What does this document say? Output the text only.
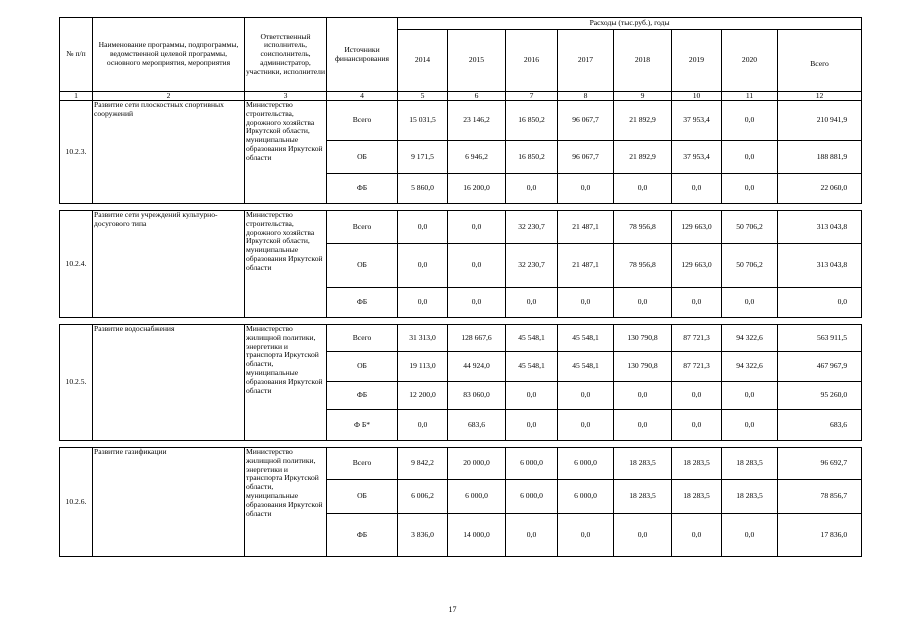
№ п/п	Наименование программы, подпрограммы, ведомственной целевой программы, основного мероприятия, мероприятия	Ответственный исполнитель, соисполнитель, администратор, участники, исполнители	Источники финансирования	Расходы (тыс.руб.), годы							
				2014	2015	2016	2017	2018	2019	2020	Всего
1	2	3	4	5	6	7	8	9	10	11	12
10.2.3.	Развитие сети плоскостных спортивных сооружений	Министерство строительства, дорожного хозяйства Иркутской области, муниципальные образования Иркутской области	Всего	15 031,5	23 146,2	16 850,2	96 067,7	21 892,9	37 953,4	0,0	210 941,9
			ОБ	9 171,5	6 946,2	16 850,2	96 067,7	21 892,9	37 953,4	0,0	188 881,9
			ФБ	5 860,0	16 200,0	0,0	0,0	0,0	0,0	0,0	22 060,0

10.2.4.	Развитие сети учреждений культурно-досугового типа	Министерство строительства, дорожного хозяйства Иркутской области, муниципальные образования Иркутской области	Всего	0,0	0,0	32 230,7	21 487,1	78 956,8	129 663,0	50 706,2	313 043,8
			ОБ	0,0	0,0	32 230,7	21 487,1	78 956,8	129 663,0	50 706,2	313 043,8
			ФБ	0,0	0,0	0,0	0,0	0,0	0,0	0,0	0,0

10.2.5.	Развитие водоснабжения	Министерство жилищной политики, энергетики и транспорта Иркутской области, муниципальные образования Иркутской области	Всего	31 313,0	128 667,6	45 548,1	45 548,1	130 790,8	87 721,3	94 322,6	563 911,5
			ОБ	19 113,0	44 924,0	45 548,1	45 548,1	130 790,8	87 721,3	94 322,6	467 967,9
			ФБ	12 200,0	83 060,0	0,0	0,0	0,0	0,0	0,0	95 260,0
			Ф Б*	0,0	683,6	0,0	0,0	0,0	0,0	0,0	683,6

10.2.6.	Развитие газификации	Министерство жилищной политики, энергетики и транспорта Иркутской области, муниципальные образования Иркутской области	Всего	9 842,2	20 000,0	6 000,0	6 000,0	18 283,5	18 283,5	18 283,5	96 692,7
			ОБ	6 006,2	6 000,0	6 000,0	6 000,0	18 283,5	18 283,5	18 283,5	78 856,7
			ФБ	3 836,0	14 000,0	0,0	0,0	0,0	0,0	0,0	17 836,0
17
